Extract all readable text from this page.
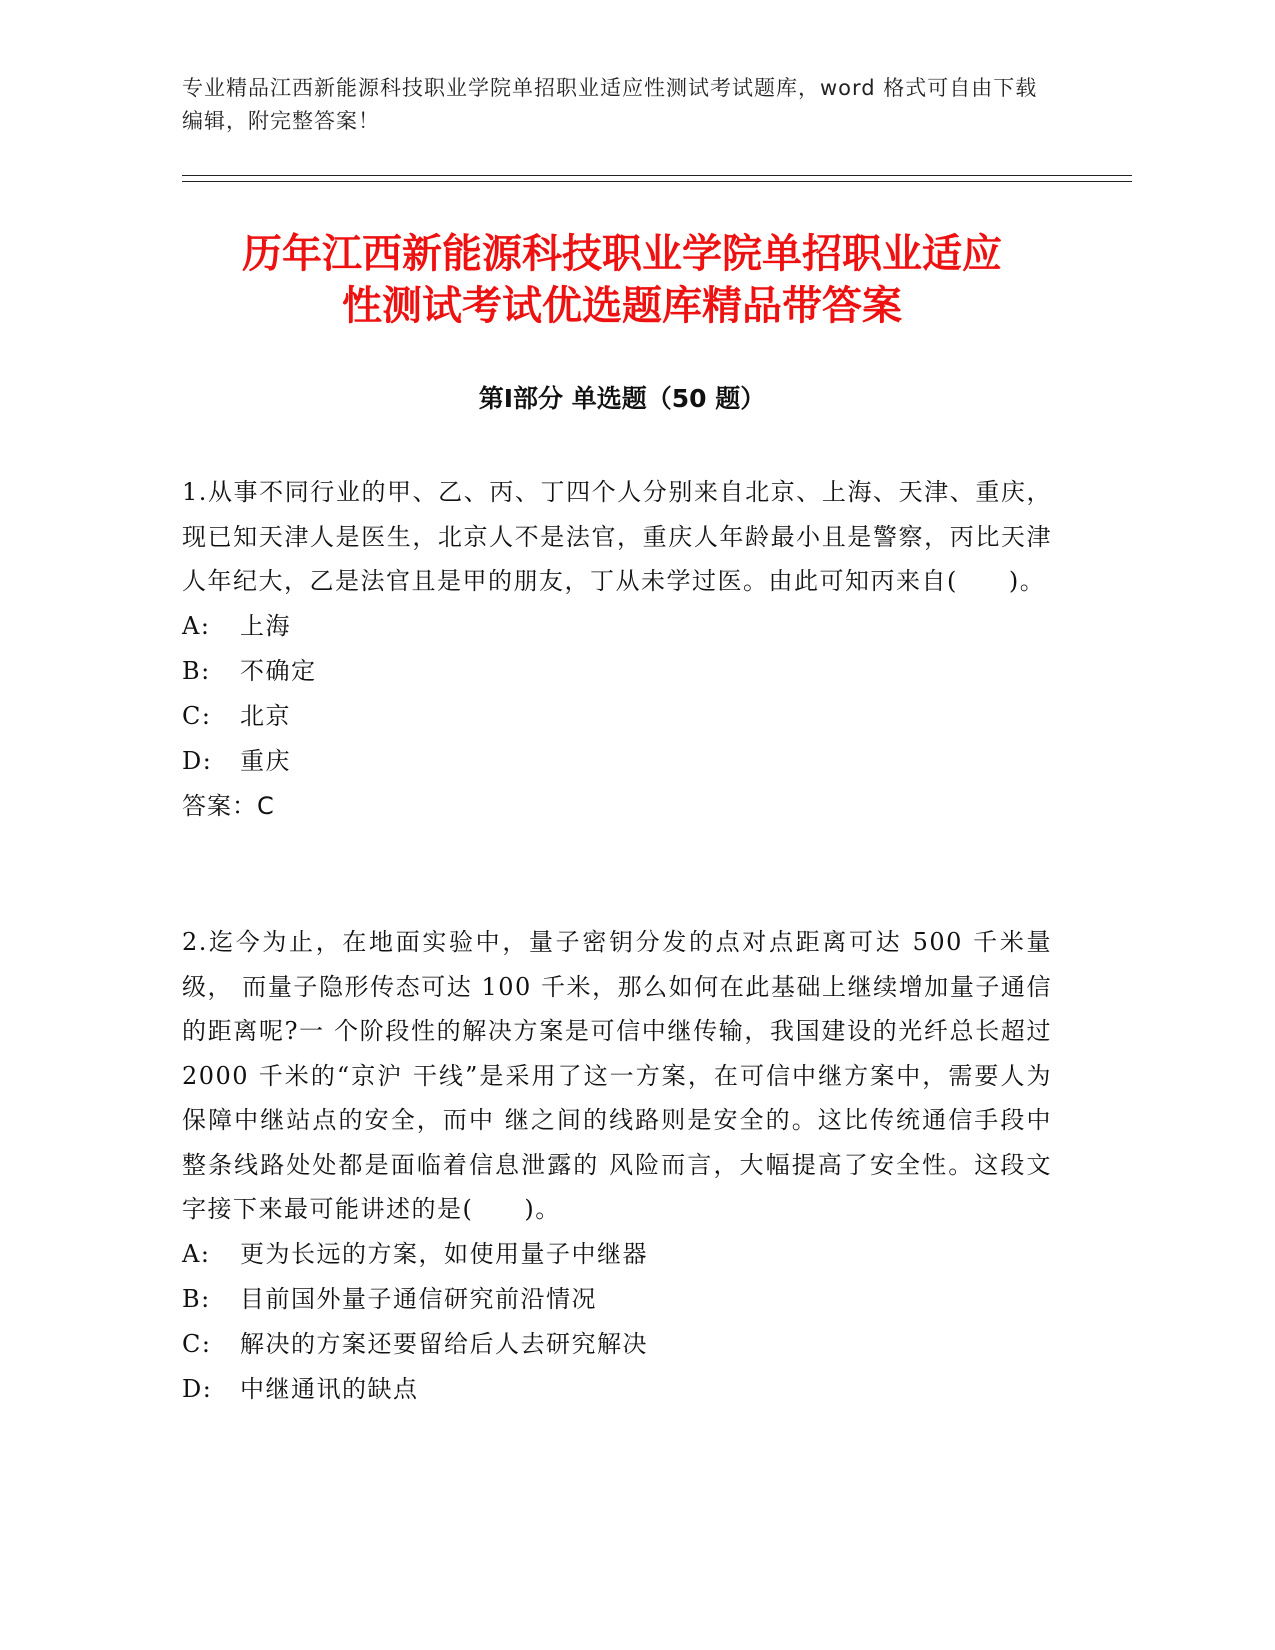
专业精品江西新能源科技职业学院单招职业适应性测试考试题库，word 格式可自由下载编辑，附完整答案！
历年江西新能源科技职业学院单招职业适应
性测试考试优选题库精品带答案
第Ⅰ部分 单选题（50 题）

1.从事不同行业的甲、乙、丙、丁四个人分别来自北京、上海、天津、重庆， 现已知天津人是医生，北京人不是法官，重庆人年龄最小且是警察，丙比天津人年纪大，乙是法官且是甲的朋友，丁从未学过医。由此可知丙来自(　　)。

A:	上海
B:	不确定
C:	北京
D:	重庆
答案：C

2.迄今为止，在地面实验中，量子密钥分发的点对点距离可达 500 千米量级， 而量子隐形传态可达 100 千米，那么如何在此基础上继续增加量子通信的距离呢?一 个阶段性的解决方案是可信中继传输，我国建设的光纤总长超过 2000 千米的“京沪 干线”是采用了这一方案，在可信中继方案中，需要人为保障中继站点的安全，而中 继之间的线路则是安全的。这比传统通信手段中整条线路处处都是面临着信息泄露的 风险而言，大幅提高了安全性。这段文字接下来最可能讲述的是(　　)。

A:	更为长远的方案，如使用量子中继器
B:	目前国外量子通信研究前沿情况
C:	解决的方案还要留给后人去研究解决
D:	中继通讯的缺点
